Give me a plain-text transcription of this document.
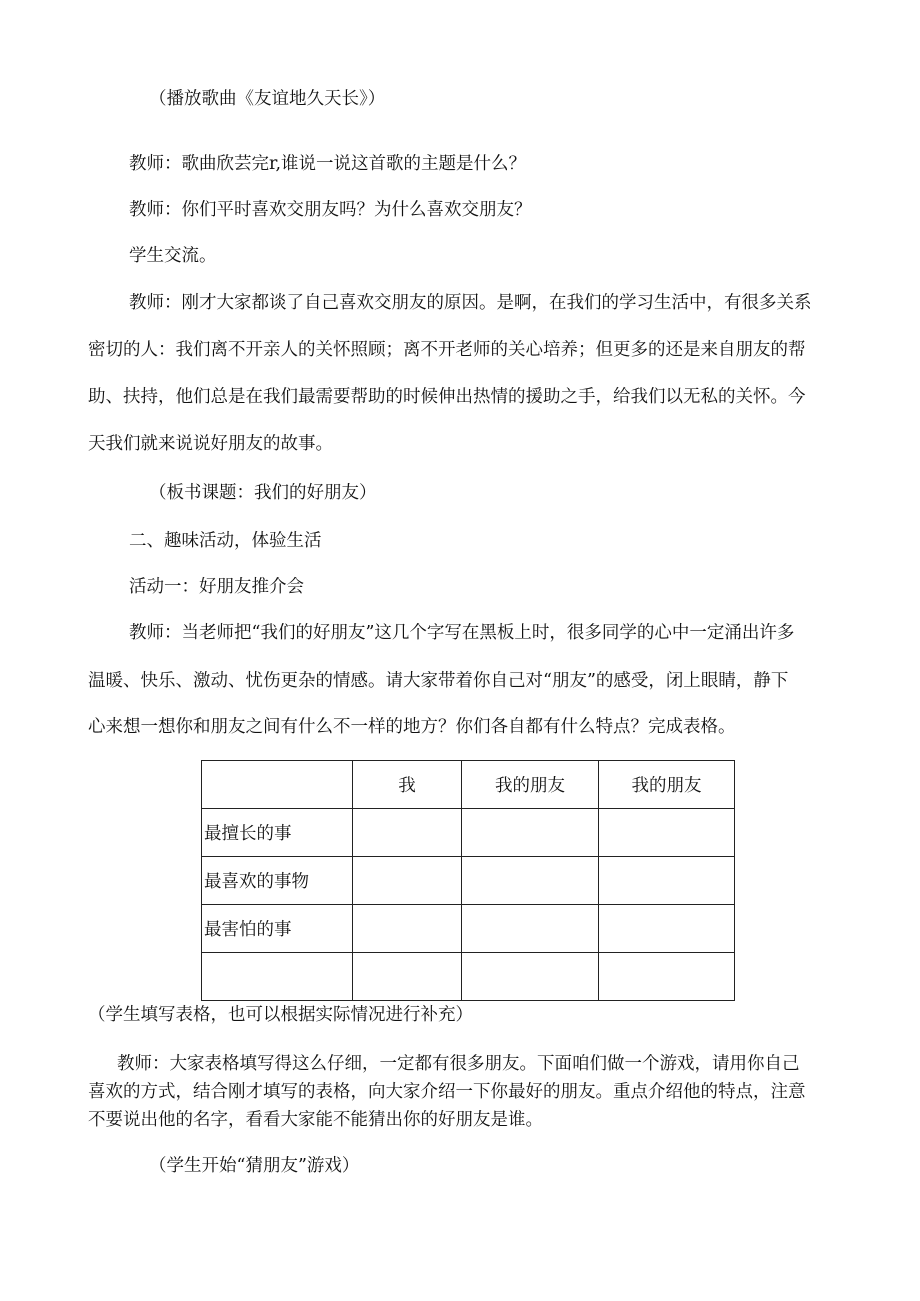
（播放歌曲《友谊地久天长》）
教师：歌曲欣芸完r,谁说一说这首歌的主题是什么？
教师：你们平时喜欢交朋友吗？为什么喜欢交朋友？
学生交流。
教师：刚才大家都谈了自己喜欢交朋友的原因。是啊，在我们的学习生活中，有很多关系
密切的人：我们离不开亲人的关怀照顾；离不开老师的关心培养；但更多的还是来自朋友的帮
助、扶持，他们总是在我们最需要帮助的时候伸出热情的援助之手，给我们以无私的关怀。今
天我们就来说说好朋友的故事。
（板书课题：我们的好朋友）
二、趣味活动，体验生活
活动一：好朋友推介会
教师：当老师把“我们的好朋友”这几个字写在黑板上时，很多同学的心中一定涌出许多
温暖、快乐、激动、忧伤更杂的情感。请大家带着你自己对“朋友”的感受，闭上眼睛，静下
心来想一想你和朋友之间有什么不一样的地方？你们各自都有什么特点？完成表格。
	我	我的朋友	我的朋友
最擅长的事			
最喜欢的事物			
最害怕的事			

（学生填写表格，也可以根据实际情况进行补充）
教师：大家表格填写得这么仔细，一定都有很多朋友。下面咱们做一个游戏，请用你自己
喜欢的方式，结合刚才填写的表格，向大家介绍一下你最好的朋友。重点介绍他的特点，注意
不要说出他的名字，看看大家能不能猜出你的好朋友是谁。
（学生开始“猜朋友”游戏）
